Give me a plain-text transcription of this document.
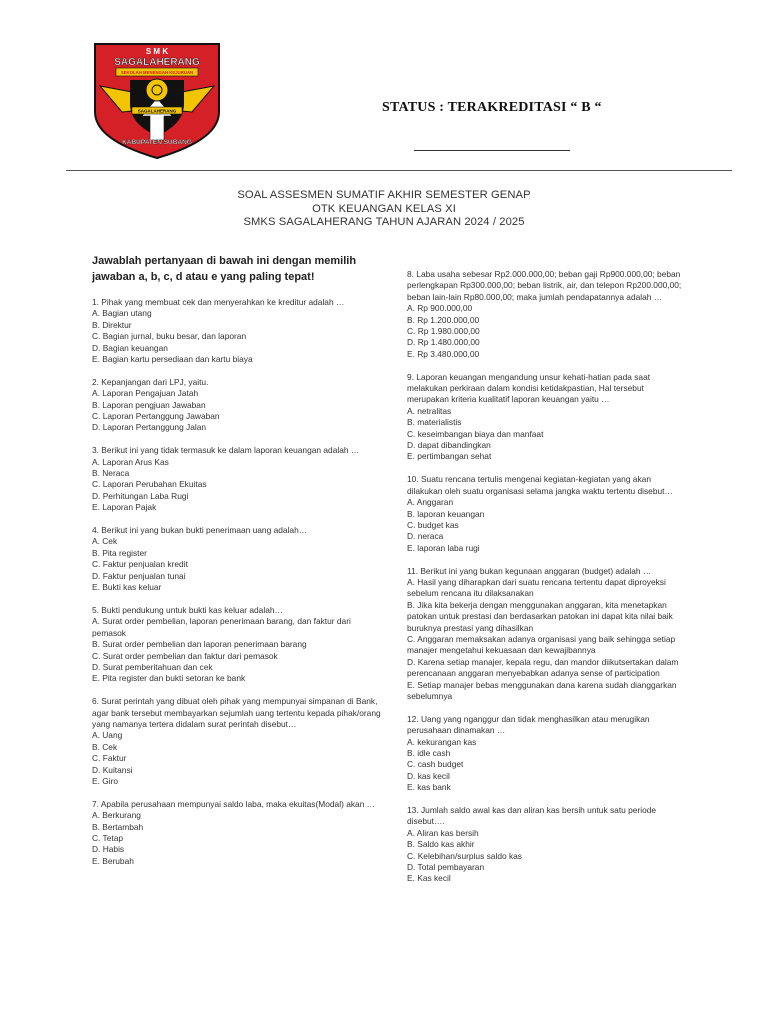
S M K
SAGALAHERANG
SEKOLAH MENENGAH KEJURUAN
SAGALAHERANG
KABUPATEN SUBANG
STATUS : TERAKREDITASI “ B “
SOAL ASSESMEN SUMATIF AKHIR SEMESTER GENAP
OTK KEUANGAN KELAS XI
SMKS SAGALAHERANG TAHUN AJARAN 2024 / 2025
Jawablah pertanyaan di bawah ini dengan memilih jawaban a, b, c, d atau e yang paling tepat!
1. Pihak yang membuat cek dan menyerahkan ke kreditur adalah …
A. Bagian utang
B. Direktur
C. Bagian jurnal, buku besar, dan laporan
D. Bagian keuangan
E. Bagian kartu persediaan dan kartu biaya
2. Kepanjangan dari LPJ, yaitu.
A. Laporan Pengajuan Jatah
B. Laporan pengjuan Jawaban
C. Laporan Pertanggung Jawaban
D. Laporan Pertanggung Jalan
3. Berikut ini yang tidak termasuk ke dalam laporan keuangan adalah …
A. Laporan Arus Kas
B. Neraca
C. Laporan Perubahan Ekuitas
D. Perhitungan Laba Rugi
E. Laporan Pajak
4. Berikut ini yang bukan bukti penerimaan uang adalah…
A. Cek
B. Pita register
C. Faktur penjualan kredit
D. Faktur penjualan tunai
E. Bukti kas keluar
5. Bukti pendukung untuk bukti kas keluar adalah…
A. Surat order pembelian, laporan penerimaan barang, dan faktur dari pemasok
B. Surat order pembelian dan laporan penerimaan barang
C. Surat order pembelian dan faktur dari pemasok
D. Surat pemberitahuan dan cek
E. Pita register dan bukti setoran ke bank
6. Surat perintah yang dibuat oleh pihak yang mempunyai simpanan di Bank, agar bank tersebut membayarkan sejumlah uang tertentu kepada pihak/orang yang namanya tertera didalam surat perintah disebut…
A. Uang
B. Cek
C. Faktur
D. Kuitansi
E. Giro
7. Apabila perusahaan mempunyai saldo laba, maka ekuitas(Modal) akan …
A. Berkurang
B. Bertambah
C. Tetap
D. Habis
E. Berubah
8. Laba usaha sebesar Rp2.000.000,00; beban gaji Rp900.000,00; beban perlengkapan Rp300.000,00; beban listrik, air, dan telepon Rp200.000,00; beban lain-lain Rp80.000,00; maka jumlah pendapatannya adalah …
A. Rp 900.000,00
B. Rp 1.200.000,00
C. Rp 1.980.000,00
D. Rp 1.480.000,00
E. Rp 3.480.000,00
9. Laporan keuangan mengandung unsur kehati-hatian pada saat melakukan perkiraan dalam kondisi ketidakpastian, Hal tersebut merupakan kriteria kualitatif laporan keuangan yaitu …
A. netralitas
B. materialistis
C. keseimbangan biaya dan manfaat
D. dapat dibandingkan
E. pertimbangan sehat
10. Suatu rencana tertulis mengenai kegiatan-kegiatan yang akan dilakukan oleh suatu organisasi selama jangka waktu tertentu disebut…
A. Anggaran
B. laporan keuangan
C. budget kas
D. neraca
E. laporan laba rugi
11. Berikut ini yang bukan kegunaan anggaran (budget) adalah …
A. Hasil yang diharapkan dari suatu rencana tertentu dapat diproyeksi sebelum rencana itu dilaksanakan
B. Jika kita bekerja dengan menggunakan anggaran, kita menetapkan patokan untuk prestasi dan berdasarkan patokan ini dapat kita nilai baik buruknya prestasi yang dihasilkan
C. Anggaran memaksakan adanya organisasi yang baik sehingga setiap manajer mengetahui kekuasaan dan kewajibannya
D. Karena setiap manajer, kepala regu, dan mandor diikutsertakan dalam perencanaan anggaran menyebabkan adanya sense of participation
E. Setiap manajer bebas menggunakan dana karena sudah dianggarkan sebelumnya
12. Uang yang nganggur dan tidak menghasilkan atau merugikan perusahaan dinamakan …
A. kekurangan kas
B. idle cash
C. cash budget
D. kas kecil
E. kas bank
13. Jumlah saldo awal kas dan aliran kas bersih untuk satu periode disebut….
A. Aliran kas bersih
B. Saldo kas akhir
C. Kelebihan/surplus saldo kas
D. Total pembayaran
E. Kas kecil
